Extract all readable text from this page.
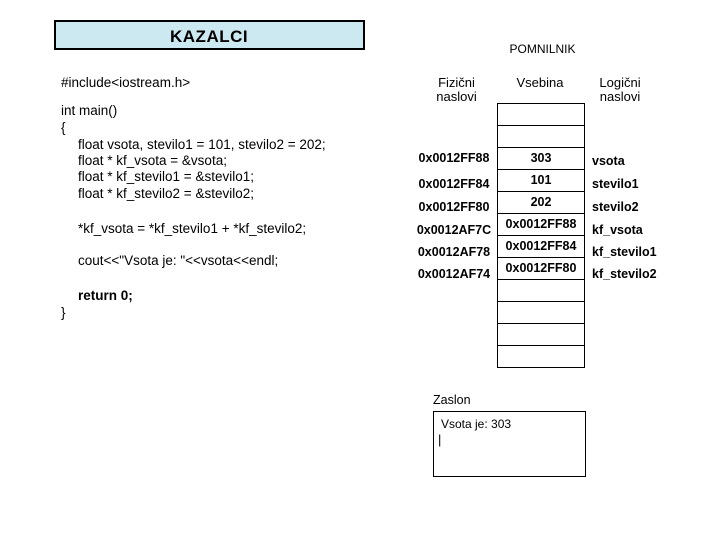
KAZALCI
#include<iostream.h>
int main()
{
float vsota, stevilo1 = 101, stevilo2 = 202;
float * kf_vsota = &vsota;
float * kf_stevilo1 = &stevilo1;
float * kf_stevilo2 = &stevilo2;
*kf_vsota = *kf_stevilo1 + *kf_stevilo2;
cout<<"Vsota je: "<<vsota<<endl;
return 0;
}
POMNILNIK
Fizični naslovi
Vsebina	Logični naslovi
303
101
202
0x0012FF88
0x0012FF84
0x0012FF80
0x0012FF88
0x0012FF84
0x0012FF80
0x0012AF7C
0x0012AF78
0x0012AF74
vsota
stevilo1
stevilo2
kf_vsota
kf_stevilo1
kf_stevilo2
Zaslon
Vsota je: 303
|
